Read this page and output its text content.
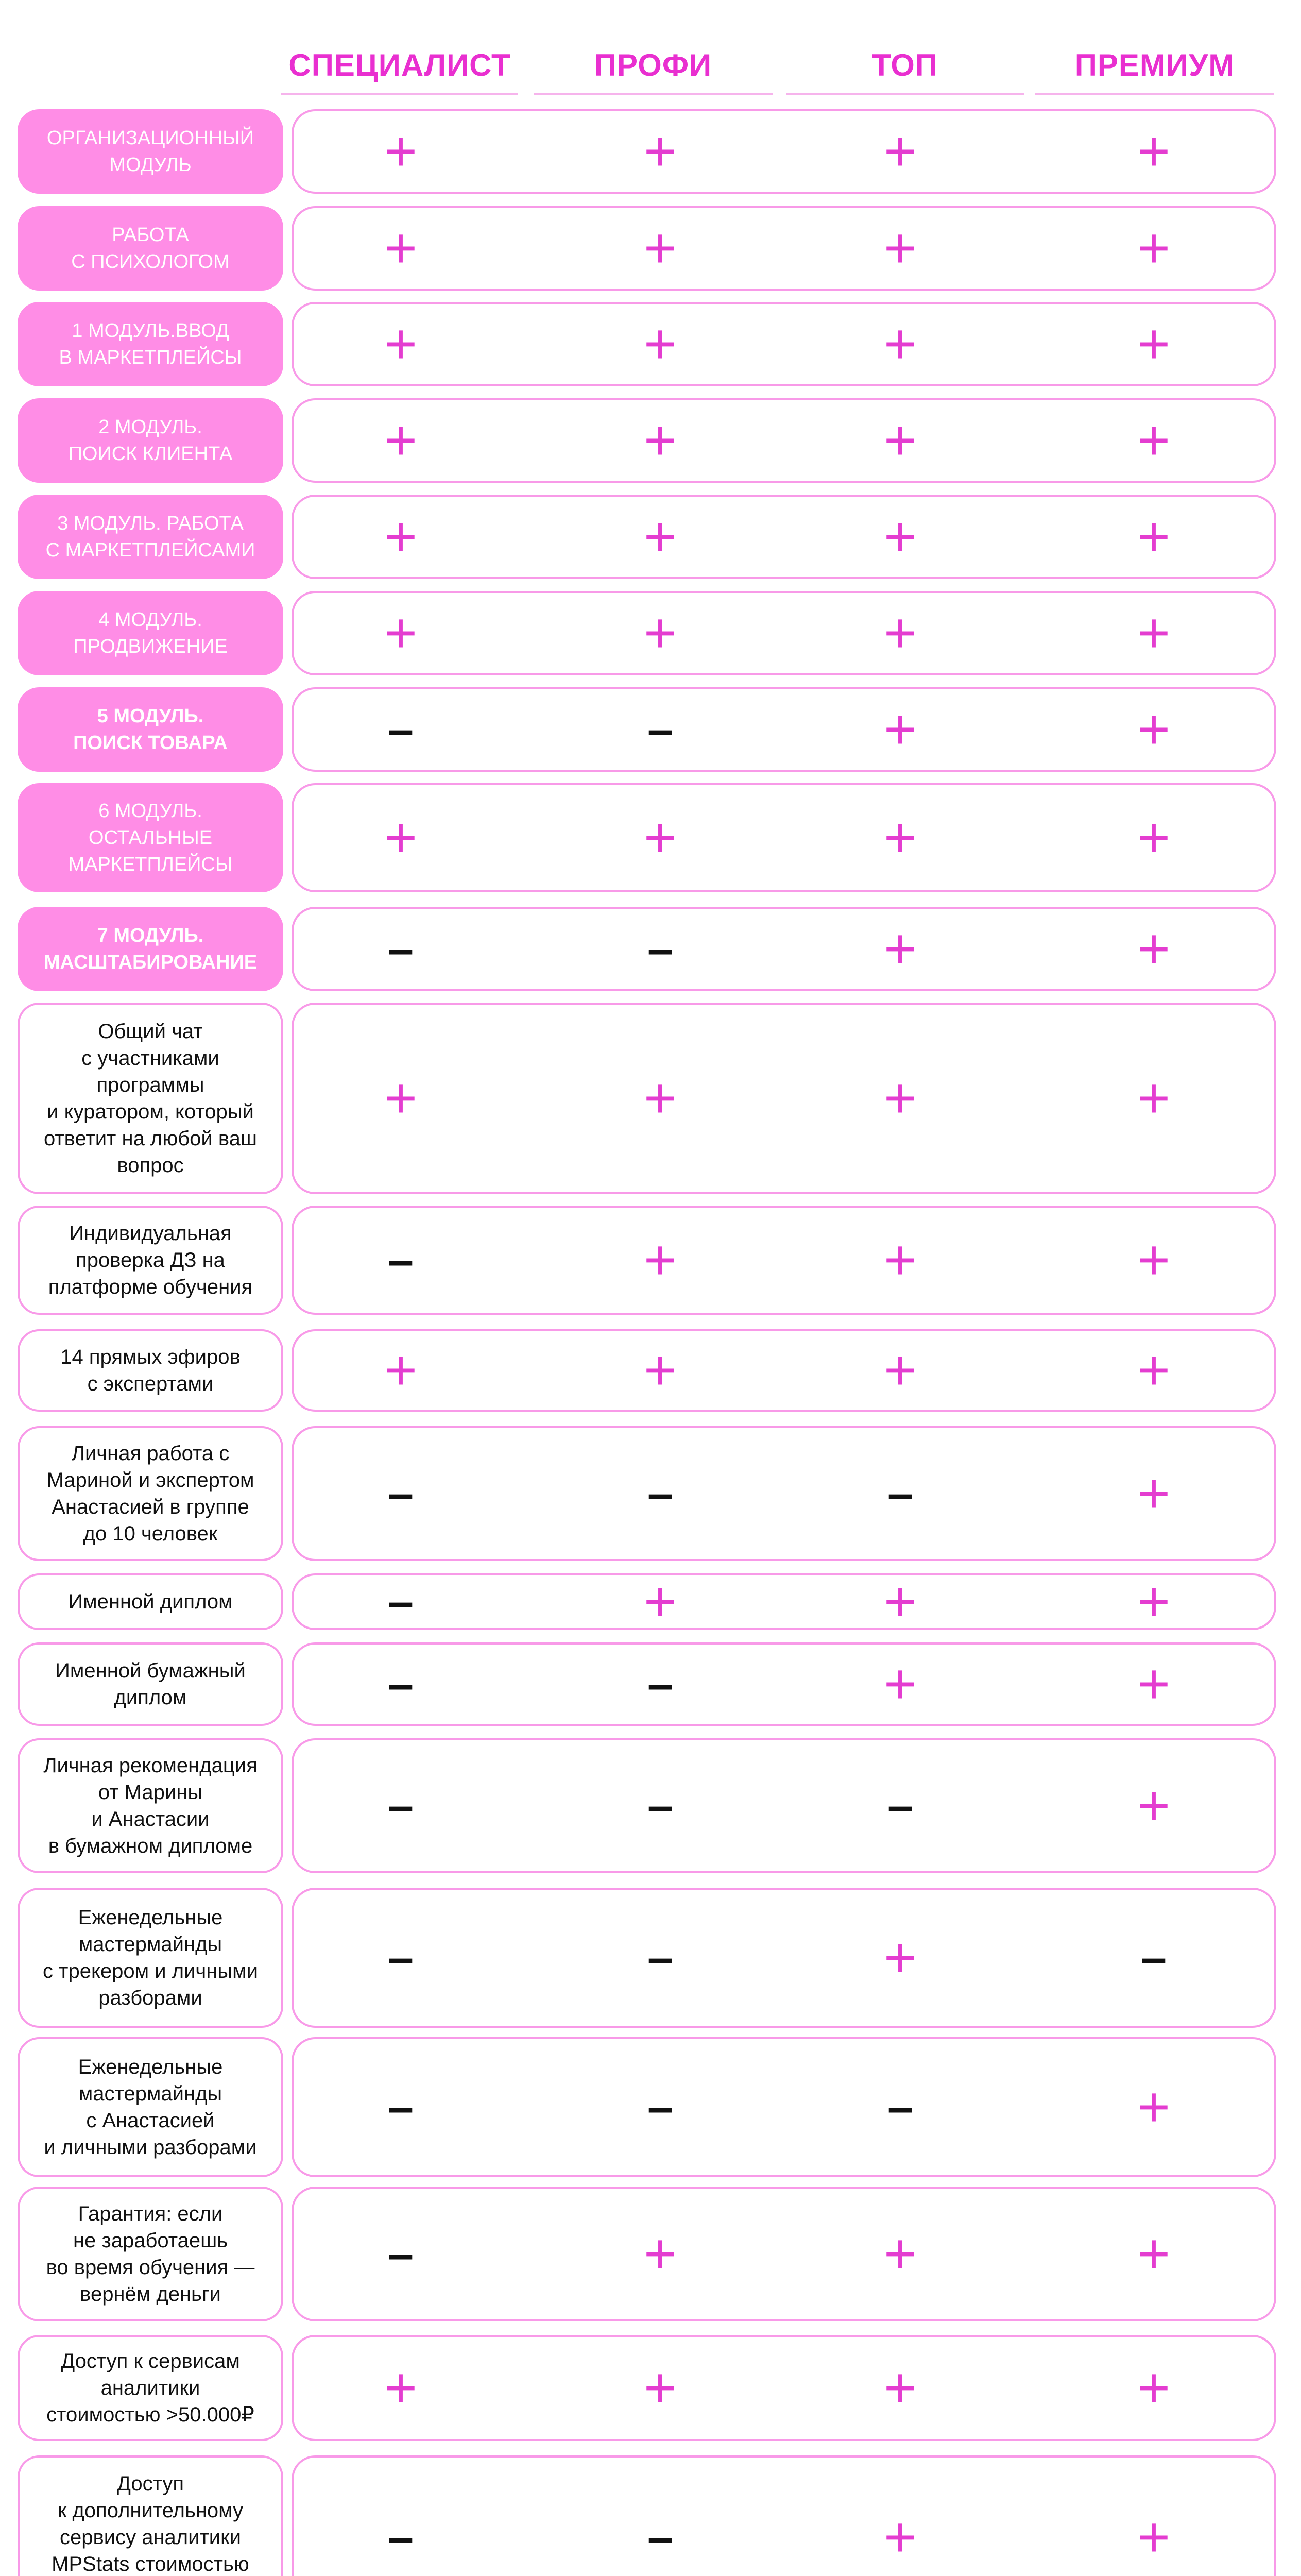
СПЕЦИАЛИСТ	ПРОФИ	ТОП	ПРЕМИУМ
ОРГАНИЗАЦИОННЫЙ
МОДУЛЬ	+	+	+	+
РАБОТА
С ПСИХОЛОГОМ	+	+	+	+
1 МОДУЛЬ.ВВОД
В МАРКЕТПЛЕЙСЫ	+	+	+	+
2 МОДУЛЬ.
ПОИСК КЛИЕНТА	+	+	+	+
3 МОДУЛЬ. РАБОТА
С МАРКЕТПЛЕЙСАМИ	+	+	+	+
4 МОДУЛЬ.
ПРОДВИЖЕНИЕ	+	+	+	+
5 МОДУЛЬ.
ПОИСК ТОВАРА	–	–	+	+
6 МОДУЛЬ.
ОСТАЛЬНЫЕ
МАРКЕТПЛЕЙСЫ	+	+	+	+
7 МОДУЛЬ.
МАСШТАБИРОВАНИЕ	–	–	+	+
Общий чат
с участниками
программы
и куратором, который
ответит на любой ваш
вопрос
+	+	+	+
Индивидуальная
проверка ДЗ на
платформе обучения
–	+	+	+
14 прямых эфиров
с экспертами	+	+	+	+
Личная работа с
Мариной и экспертом
Анастасией в группе
до 10 человек
–	–	–	+
Именной диплом	–	+	+	+
Именной бумажный
диплом	–	–	+	+
Личная рекомендация
от Марины
и Анастасии
в бумажном дипломе
–	–	–	+
Еженедельные
мастермайнды
с трекером и личными
разборами
–	–	+	–
Еженедельные
мастермайнды
с Анастасией
и личными разборами
–	–	–	+
Гарантия: если
не заработаешь
во время обучения —
вернём деньги
–	+	+	+
Доступ к сервисам
аналитики
стоимостью >50.000₽	+	+	+	+
Доступ
к дополнительному
сервису аналитики
MPStats стоимостью

–	–	+	+
